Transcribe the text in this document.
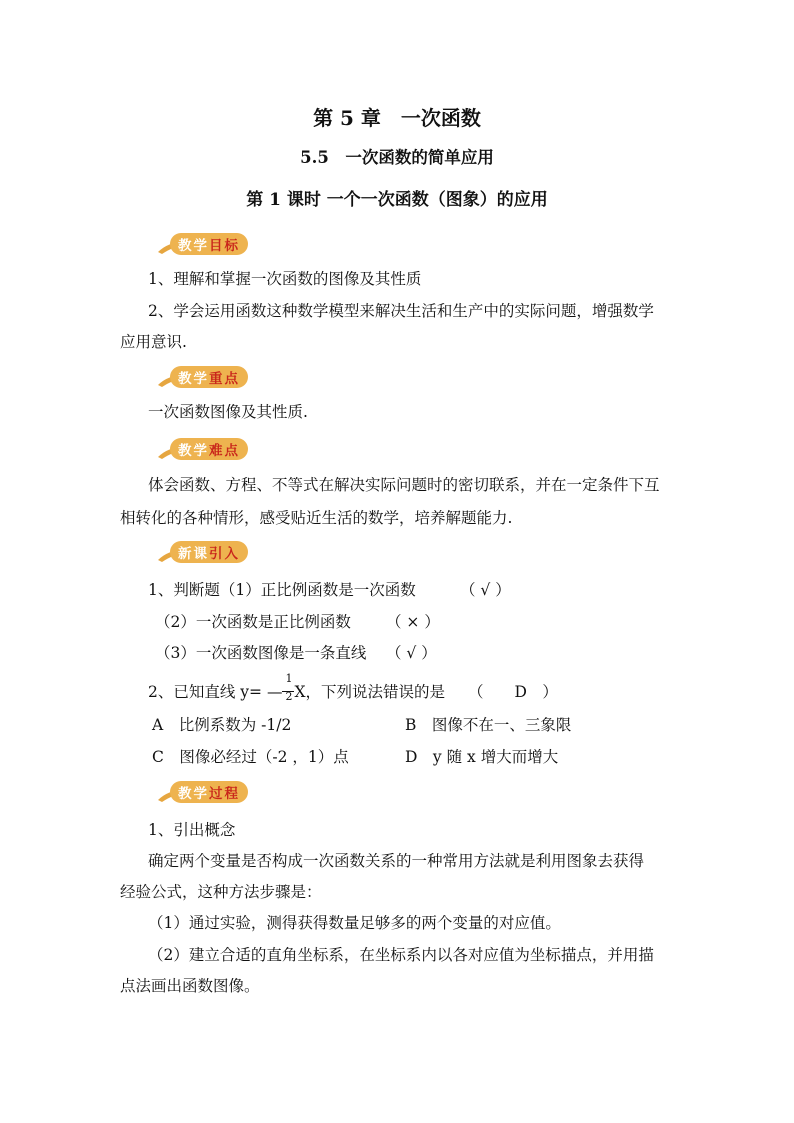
第 5 章　一次函数
5.5　一次函数的简单应用
第 1 课时 一个一次函数（图象）的应用
教学 目标
1、理解和掌握一次函数的图像及其性质
2、学会运用函数这种数学模型来解决生活和生产中的实际问题，增强数学
应用意识.
教学 重点
一次函数图像及其性质.
教学 难点
体会函数、方程、不等式在解决实际问题时的密切联系，并在一定条件下互
相转化的各种情形，感受贴近生活的数学，培养解题能力.
新课 引入
1、判断题（1）正比例函数是一次函数	（ √ ）
（2）一次函数是正比例函数 （ × ）
（3）一次函数图像是一条直线 （ √ ）
2、已知直线 y= — $\frac{1}{2}$ X，下列说法错误的是 （　　D　）
A　比例系数为 -1/2	B　图像不在一、三象限
C　图像必经过（-2 ，1）点	D　y 随 x 增大而增大
教学 过程
1、引出概念
确定两个变量是否构成一次函数关系的一种常用方法就是利用图象去获得
经验公式，这种方法步骤是：
（1）通过实验，测得获得数量足够多的两个变量的对应值。
（2）建立合适的直角坐标系，在坐标系内以各对应值为坐标描点，并用描
点法画出函数图像。
